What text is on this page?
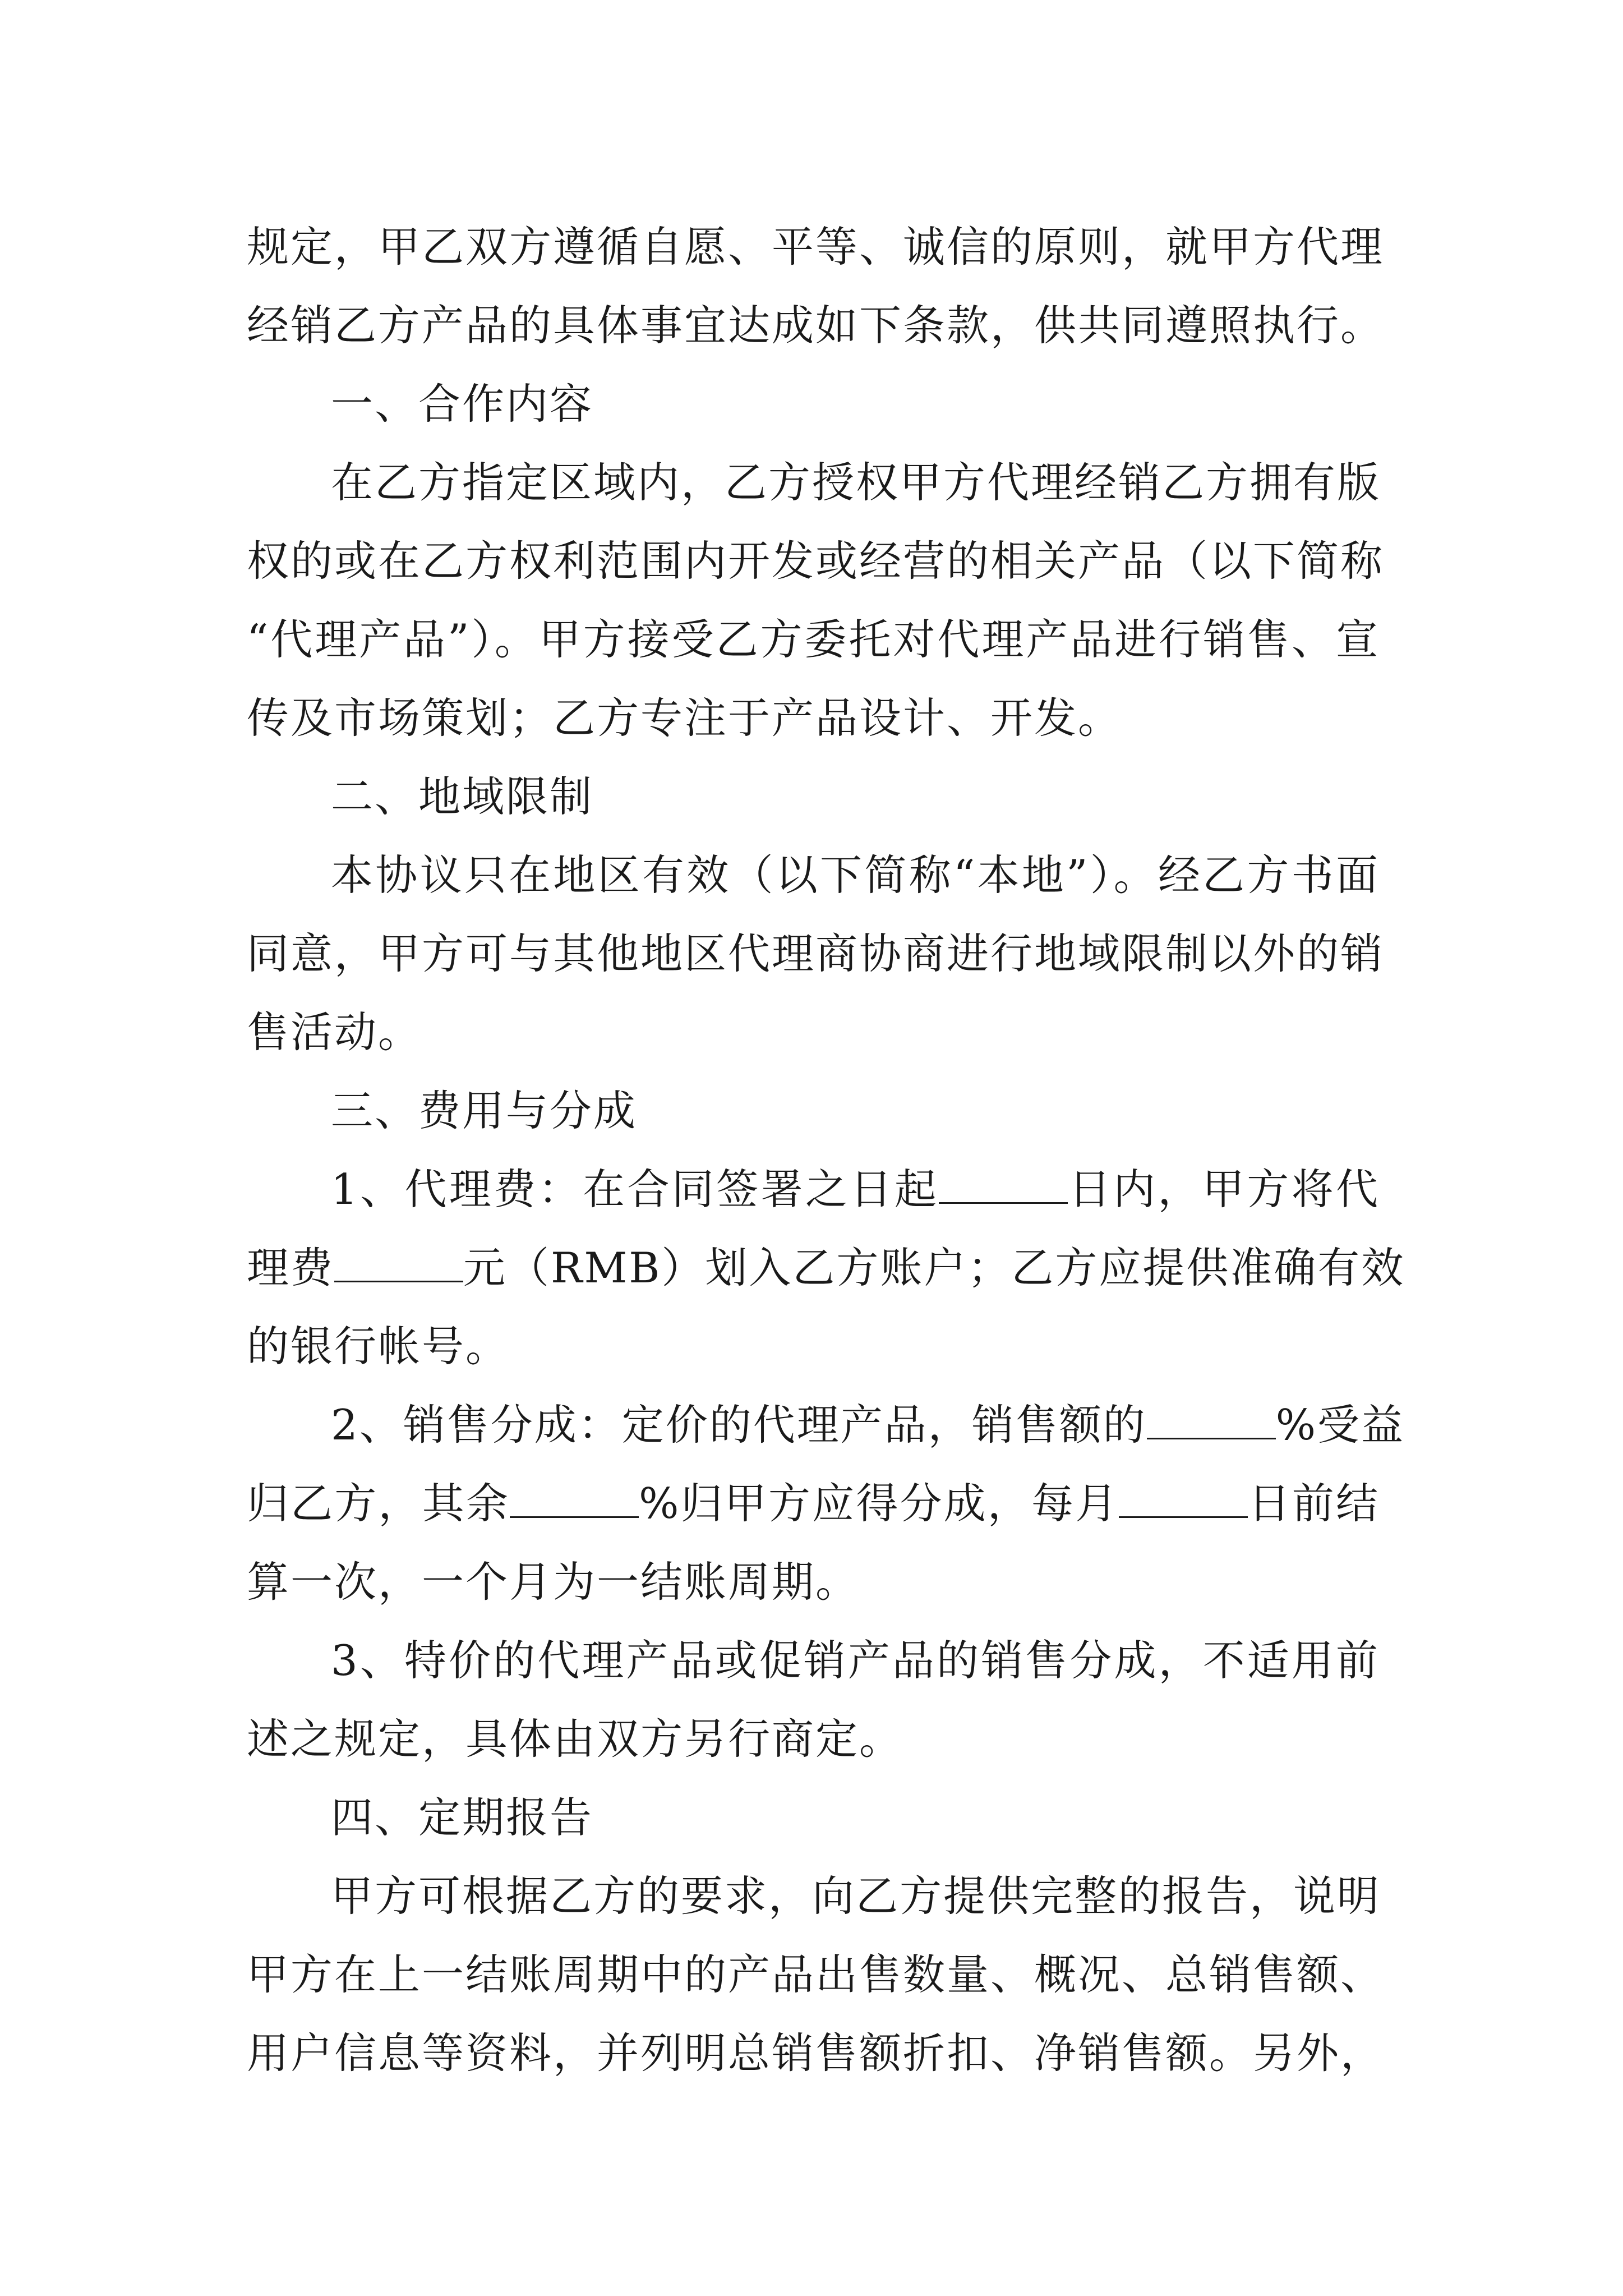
规定，甲乙双方遵循自愿、平等、诚信的原则，就甲方代理
经销乙方产品的具体事宜达成如下条款，供共同遵照执行。
一、合作内容
在乙方指定区域内，乙方授权甲方代理经销乙方拥有版
权的或在乙方权利范围内开发或经营的相关产品（以下简称
“代理产品”）。甲方接受乙方委托对代理产品进行销售、宣
传及市场策划；乙方专注于产品设计、开发。
二、地域限制
本协议只在地区有效（以下简称“本地”）。经乙方书面
同意，甲方可与其他地区代理商协商进行地域限制以外的销
售活动。
三、费用与分成
1、代理费：在合同签署之日起	日内，甲方将代
理费	元（RMB）划入乙方账户；乙方应提供准确有效
的银行帐号。
2、销售分成：定价的代理产品，销售额的	%受益
归乙方，其余	%归甲方应得分成，每月	日前结
算一次，一个月为一结账周期。
3、特价的代理产品或促销产品的销售分成，不适用前
述之规定，具体由双方另行商定。
四、定期报告
甲方可根据乙方的要求，向乙方提供完整的报告，说明
甲方在上一结账周期中的产品出售数量、概况、总销售额、
用户信息等资料，并列明总销售额折扣、净销售额。另外，
